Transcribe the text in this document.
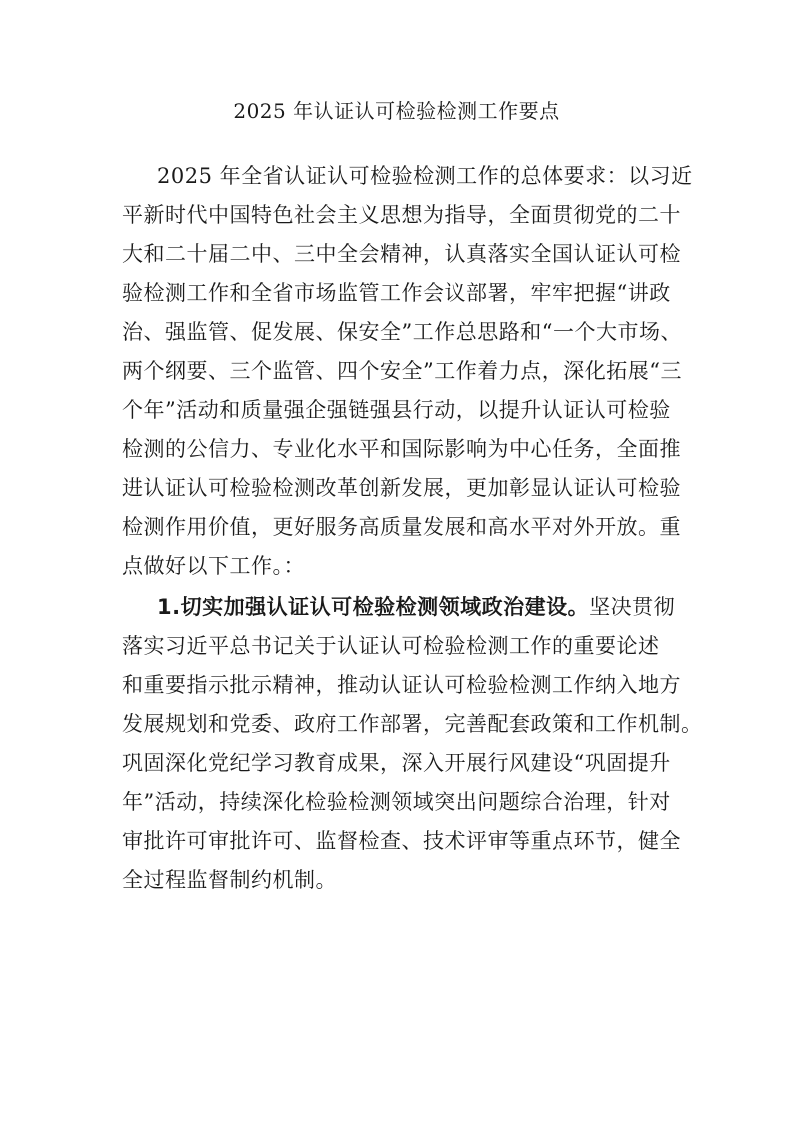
2025 年认证认可检验检测工作要点
2025 年全省认证认可检验检测工作的总体要求：以习近
平新时代中国特色社会主义思想为指导，全面贯彻党的二十
大和二十届二中、三中全会精神，认真落实全国认证认可检
验检测工作和全省市场监管工作会议部署，牢牢把握“讲政
治、强监管、促发展、保安全”工作总思路和“一个大市场、
两个纲要、三个监管、四个安全”工作着力点，深化拓展“三
个年”活动和质量强企强链强县行动，以提升认证认可检验
检测的公信力、专业化水平和国际影响为中心任务，全面推
进认证认可检验检测改革创新发展，更加彰显认证认可检验
检测作用价值，更好服务高质量发展和高水平对外开放。重
点做好以下工作。：
1.切实加强认证认可检验检测领域政治建设。坚决贯彻
落实习近平总书记关于认证认可检验检测工作的重要论述
和重要指示批示精神，推动认证认可检验检测工作纳入地方
发展规划和党委、政府工作部署，完善配套政策和工作机制。
巩固深化党纪学习教育成果，深入开展行风建设“巩固提升
年”活动，持续深化检验检测领域突出问题综合治理，针对
审批许可审批许可、监督检查、技术评审等重点环节，健全
全过程监督制约机制。
